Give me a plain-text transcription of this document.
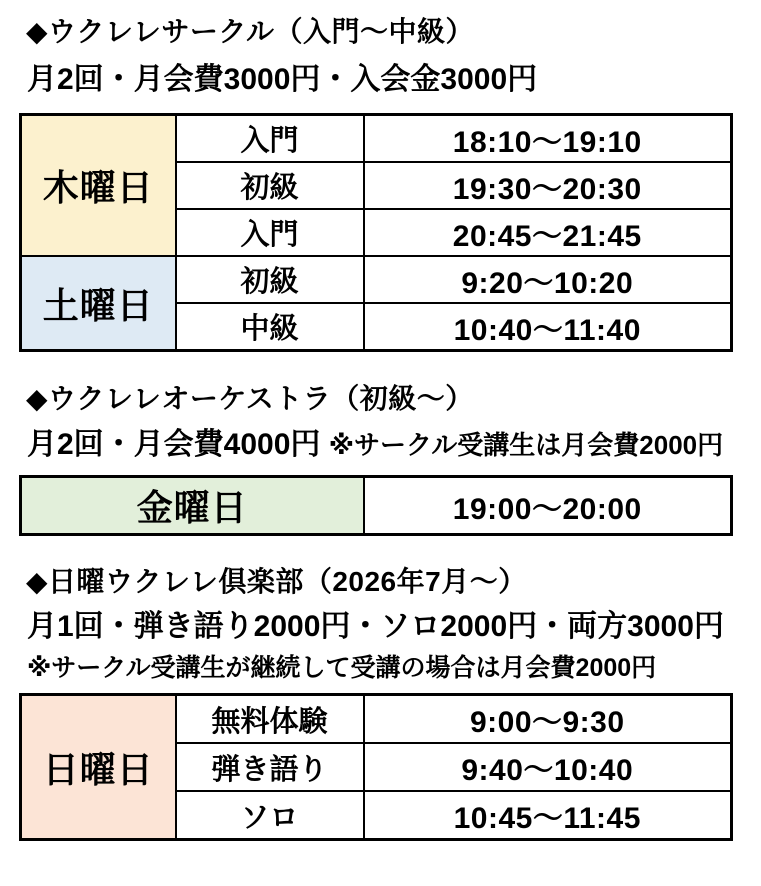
◆ウクレレサークル（入門～中級）
月2回・月会費3000円・入会金3000円
木曜日	入門	18:10～19:10
	初級	19:30～20:30
	入門	20:45～21:45
土曜日	初級	9:20～10:20
	中級	10:40～11:40
◆ウクレレオーケストラ（初級～）
月2回・月会費4000円 ※サークル受講生は月会費2000円
金曜日	19:00～20:00
◆日曜ウクレレ倶楽部（2026年7月～）
月1回・弾き語り2000円・ソロ2000円・両方3000円
※サークル受講生が継続して受講の場合は月会費2000円
日曜日	無料体験	9:00～9:30
	弾き語り	9:40～10:40
	ソロ	10:45～11:45
